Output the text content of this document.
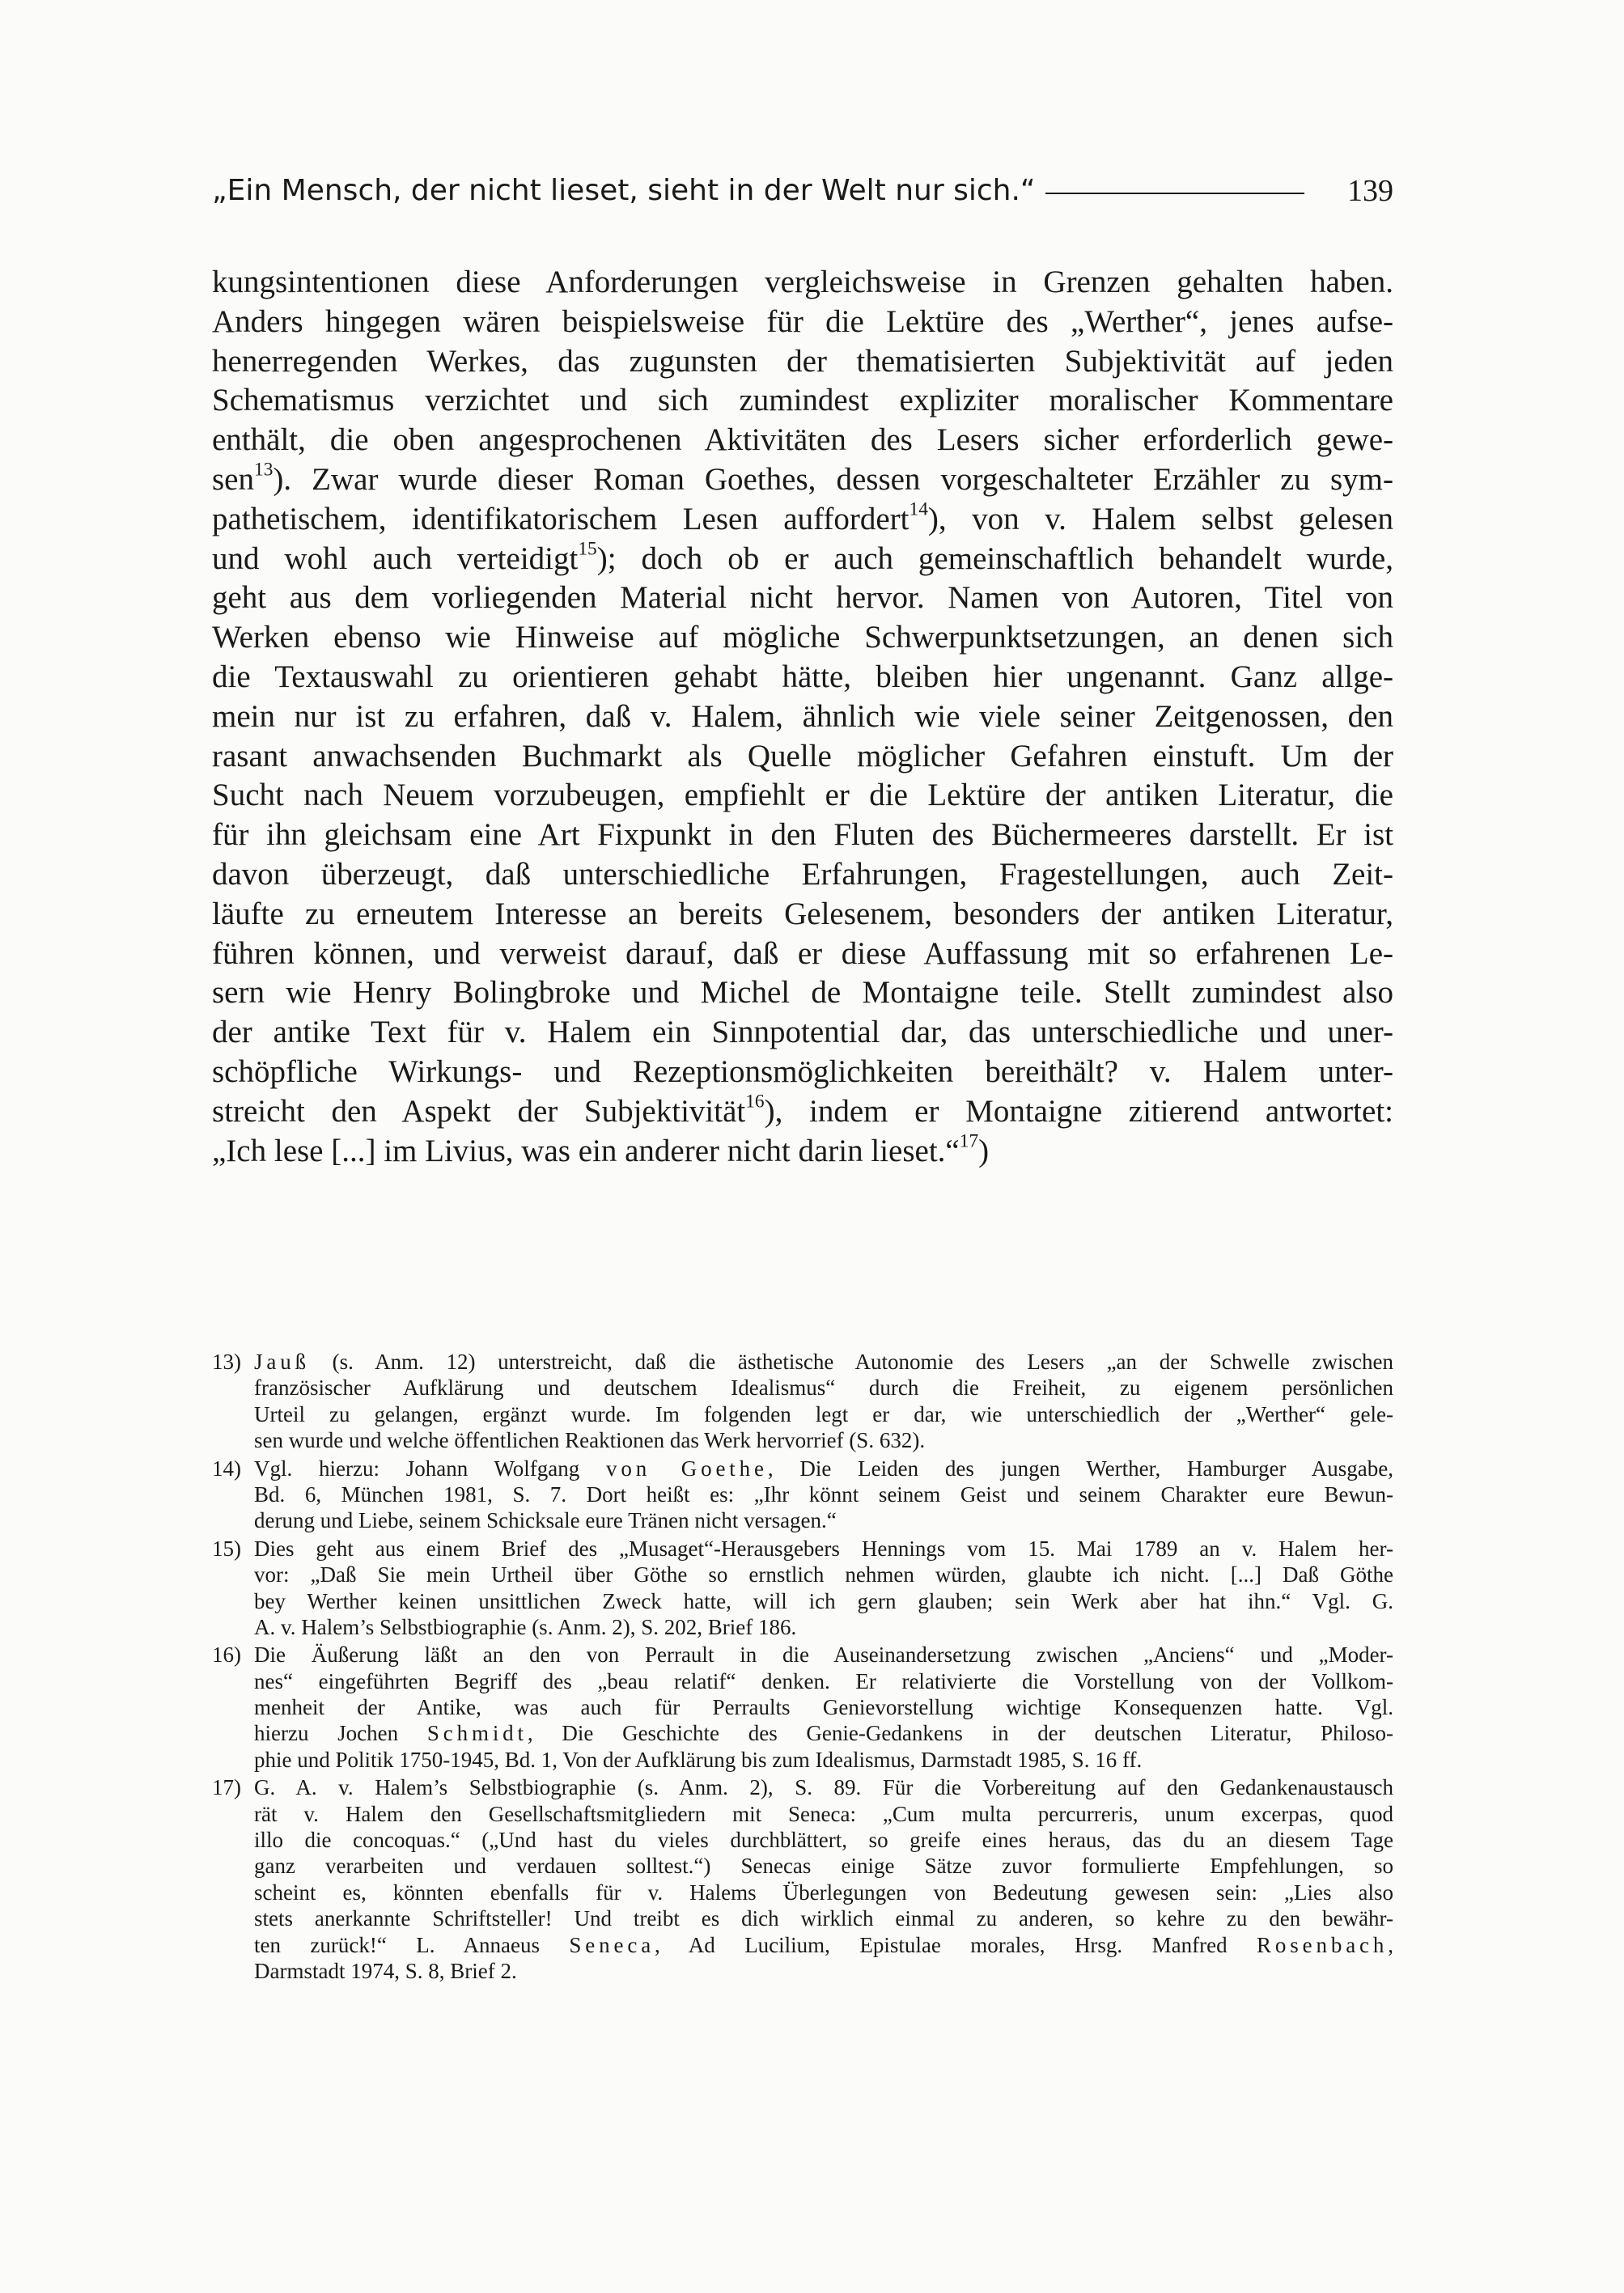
„Ein Mensch, der nicht lieset, sieht in der Welt nur sich.“	139
kungsintentionen diese Anforderungen vergleichsweise in Grenzen gehalten haben.
Anders hingegen wären beispielsweise für die Lektüre des „Werther“, jenes aufse-
henerregenden Werkes, das zugunsten der thematisierten Subjektivität auf jeden
Schematismus verzichtet und sich zumindest expliziter moralischer Kommentare
enthält, die oben angesprochenen Aktivitäten des Lesers sicher erforderlich gewe-
sen$^{13}$). Zwar wurde dieser Roman Goethes, dessen vorgeschalteter Erzähler zu sym-
pathetischem, identifikatorischem Lesen auffordert$^{14}$), von v. Halem selbst gelesen
und wohl auch verteidigt$^{15}$); doch ob er auch gemeinschaftlich behandelt wurde,
geht aus dem vorliegenden Material nicht hervor. Namen von Autoren, Titel von
Werken ebenso wie Hinweise auf mögliche Schwerpunktsetzungen, an denen sich
die Textauswahl zu orientieren gehabt hätte, bleiben hier ungenannt. Ganz allge-
mein nur ist zu erfahren, daß v. Halem, ähnlich wie viele seiner Zeitgenossen, den
rasant anwachsenden Buchmarkt als Quelle möglicher Gefahren einstuft. Um der
Sucht nach Neuem vorzubeugen, empfiehlt er die Lektüre der antiken Literatur, die
für ihn gleichsam eine Art Fixpunkt in den Fluten des Büchermeeres darstellt. Er ist
davon überzeugt, daß unterschiedliche Erfahrungen, Fragestellungen, auch Zeit-
läufte zu erneutem Interesse an bereits Gelesenem, besonders der antiken Literatur,
führen können, und verweist darauf, daß er diese Auffassung mit so erfahrenen Le-
sern wie Henry Bolingbroke und Michel de Montaigne teile. Stellt zumindest also
der antike Text für v. Halem ein Sinnpotential dar, das unterschiedliche und uner-
schöpfliche Wirkungs- und Rezeptionsmöglichkeiten bereithält? v. Halem unter-
streicht den Aspekt der Subjektivität$^{16}$), indem er Montaigne zitierend antwortet:
„Ich lese [...] im Livius, was ein anderer nicht darin lieset.“$^{17}$)
13) Jauß (s. Anm. 12) unterstreicht, daß die ästhetische Autonomie des Lesers „an der Schwelle zwischen
französischer Aufklärung und deutschem Idealismus“ durch die Freiheit, zu eigenem persönlichen
Urteil zu gelangen, ergänzt wurde. Im folgenden legt er dar, wie unterschiedlich der „Werther“ gele-
sen wurde und welche öffentlichen Reaktionen das Werk hervorrief (S. 632).
14) Vgl. hierzu: Johann Wolfgang von Goethe, Die Leiden des jungen Werther, Hamburger Ausgabe,
Bd. 6, München 1981, S. 7. Dort heißt es: „Ihr könnt seinem Geist und seinem Charakter eure Bewun-
derung und Liebe, seinem Schicksale eure Tränen nicht versagen.“
15) Dies geht aus einem Brief des „Musaget“-Herausgebers Hennings vom 15. Mai 1789 an v. Halem her-
vor: „Daß Sie mein Urtheil über Göthe so ernstlich nehmen würden, glaubte ich nicht. [...] Daß Göthe
bey Werther keinen unsittlichen Zweck hatte, will ich gern glauben; sein Werk aber hat ihn.“ Vgl. G.
A. v. Halem’s Selbstbiographie (s. Anm. 2), S. 202, Brief 186.
16) Die Äußerung läßt an den von Perrault in die Auseinandersetzung zwischen „Anciens“ und „Moder-
nes“ eingeführten Begriff des „beau relatif“ denken. Er relativierte die Vorstellung von der Vollkom-
menheit der Antike, was auch für Perraults Genievorstellung wichtige Konsequenzen hatte. Vgl.
hierzu Jochen Schmidt, Die Geschichte des Genie-Gedankens in der deutschen Literatur, Philoso-
phie und Politik 1750-1945, Bd. 1, Von der Aufklärung bis zum Idealismus, Darmstadt 1985, S. 16 ff.
17) G. A. v. Halem’s Selbstbiographie (s. Anm. 2), S. 89. Für die Vorbereitung auf den Gedankenaustausch
rät v. Halem den Gesellschaftsmitgliedern mit Seneca: „Cum multa percurreris, unum excerpas, quod
illo die concoquas.“ („Und hast du vieles durchblättert, so greife eines heraus, das du an diesem Tage
ganz verarbeiten und verdauen solltest.“) Senecas einige Sätze zuvor formulierte Empfehlungen, so
scheint es, könnten ebenfalls für v. Halems Überlegungen von Bedeutung gewesen sein: „Lies also
stets anerkannte Schriftsteller! Und treibt es dich wirklich einmal zu anderen, so kehre zu den bewähr-
ten zurück!“ L. Annaeus Seneca, Ad Lucilium, Epistulae morales, Hrsg. Manfred Rosenbach,
Darmstadt 1974, S. 8, Brief 2.
